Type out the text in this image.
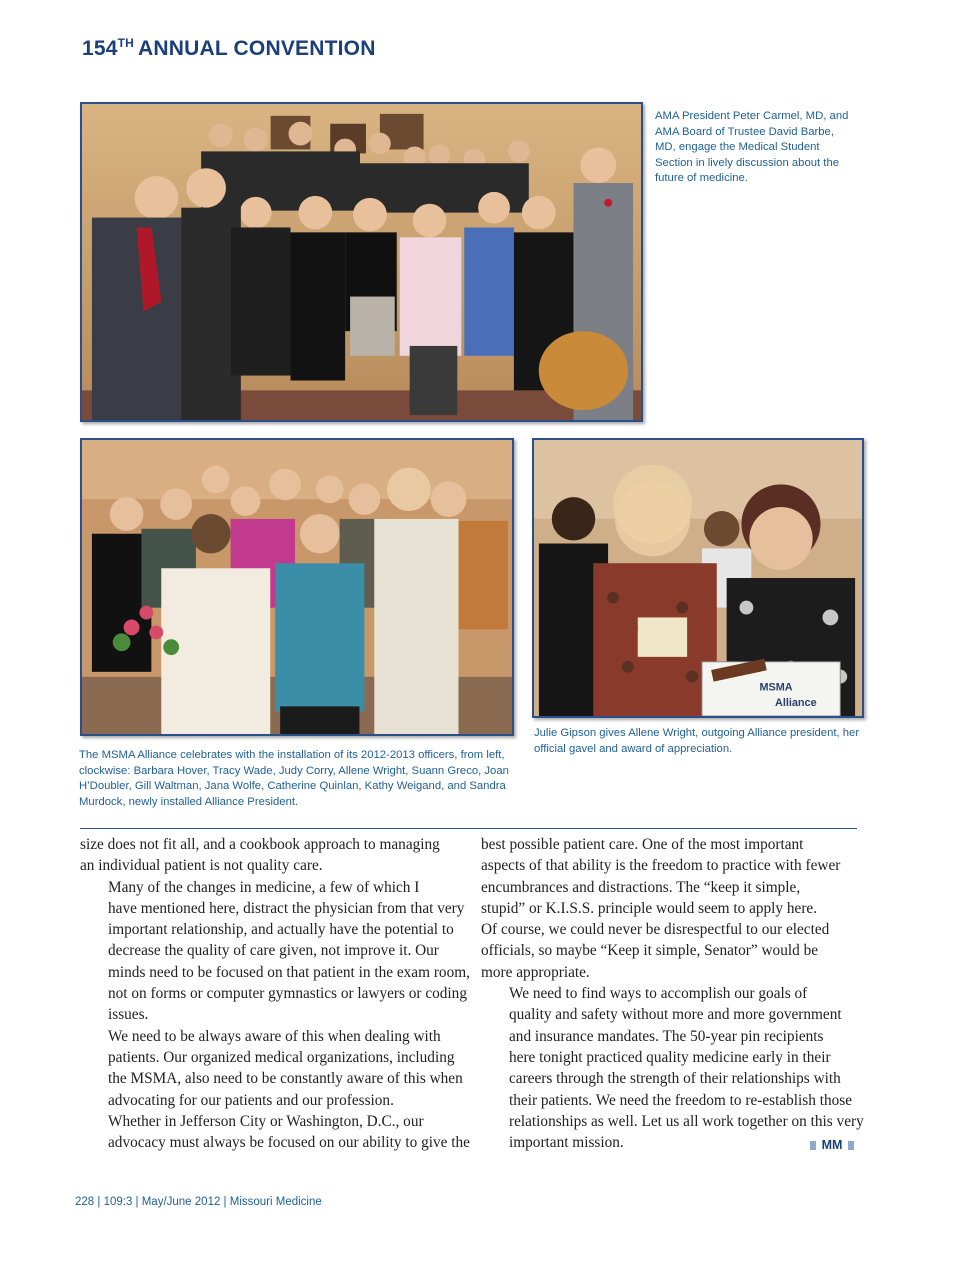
154TH ANNUAL CONVENTION
AMA President Peter Carmel, MD, and AMA Board of Trustee David Barbe, MD, engage the Medical Student Section in lively discussion about the future of medicine.
The MSMA Alliance celebrates with the installation of its 2012-2013 officers, from left, clockwise: Barbara Hover, Tracy Wade, Judy Corry, Allene Wright, Suann Greco, Joan H’Doubler, Gill Waltman, Jana Wolfe, Catherine Quinlan, Kathy Weigand, and Sandra Murdock, newly installed Alliance President.
MSMA
Alliance
Julie Gipson gives Allene Wright, outgoing Alliance president, her official gavel and award of appreciation.

size does not fit all, and a cookbook approach to managing
an individual patient is not quality care.

Many of the changes in medicine, a few of which I
have mentioned here, distract the physician from that very
important relationship, and actually have the potential to
decrease the quality of care given, not improve it. Our
minds need to be focused on that patient in the exam room,
not on forms or computer gymnastics or lawyers or coding
issues.

We need to be always aware of this when dealing with
patients. Our organized medical organizations, including
the MSMA, also need to be constantly aware of this when
advocating for our patients and our profession.

Whether in Jefferson City or Washington, D.C., our
advocacy must always be focused on our ability to give the

best possible patient care. One of the most important
aspects of that ability is the freedom to practice with fewer
encumbrances and distractions. The “keep it simple,
stupid” or K.I.S.S. principle would seem to apply here.
Of course, we could never be disrespectful to our elected
officials, so maybe “Keep it simple, Senator” would be
more appropriate.

We need to find ways to accomplish our goals of
quality and safety without more and more government
and insurance mandates. The 50-year pin recipients
here tonight practiced quality medicine early in their
careers through the strength of their relationships with
their patients. We need the freedom to re-establish those
relationships as well. Let us all work together on this very
important mission.	MM
228 | 109:3 | May/June 2012 | Missouri Medicine
